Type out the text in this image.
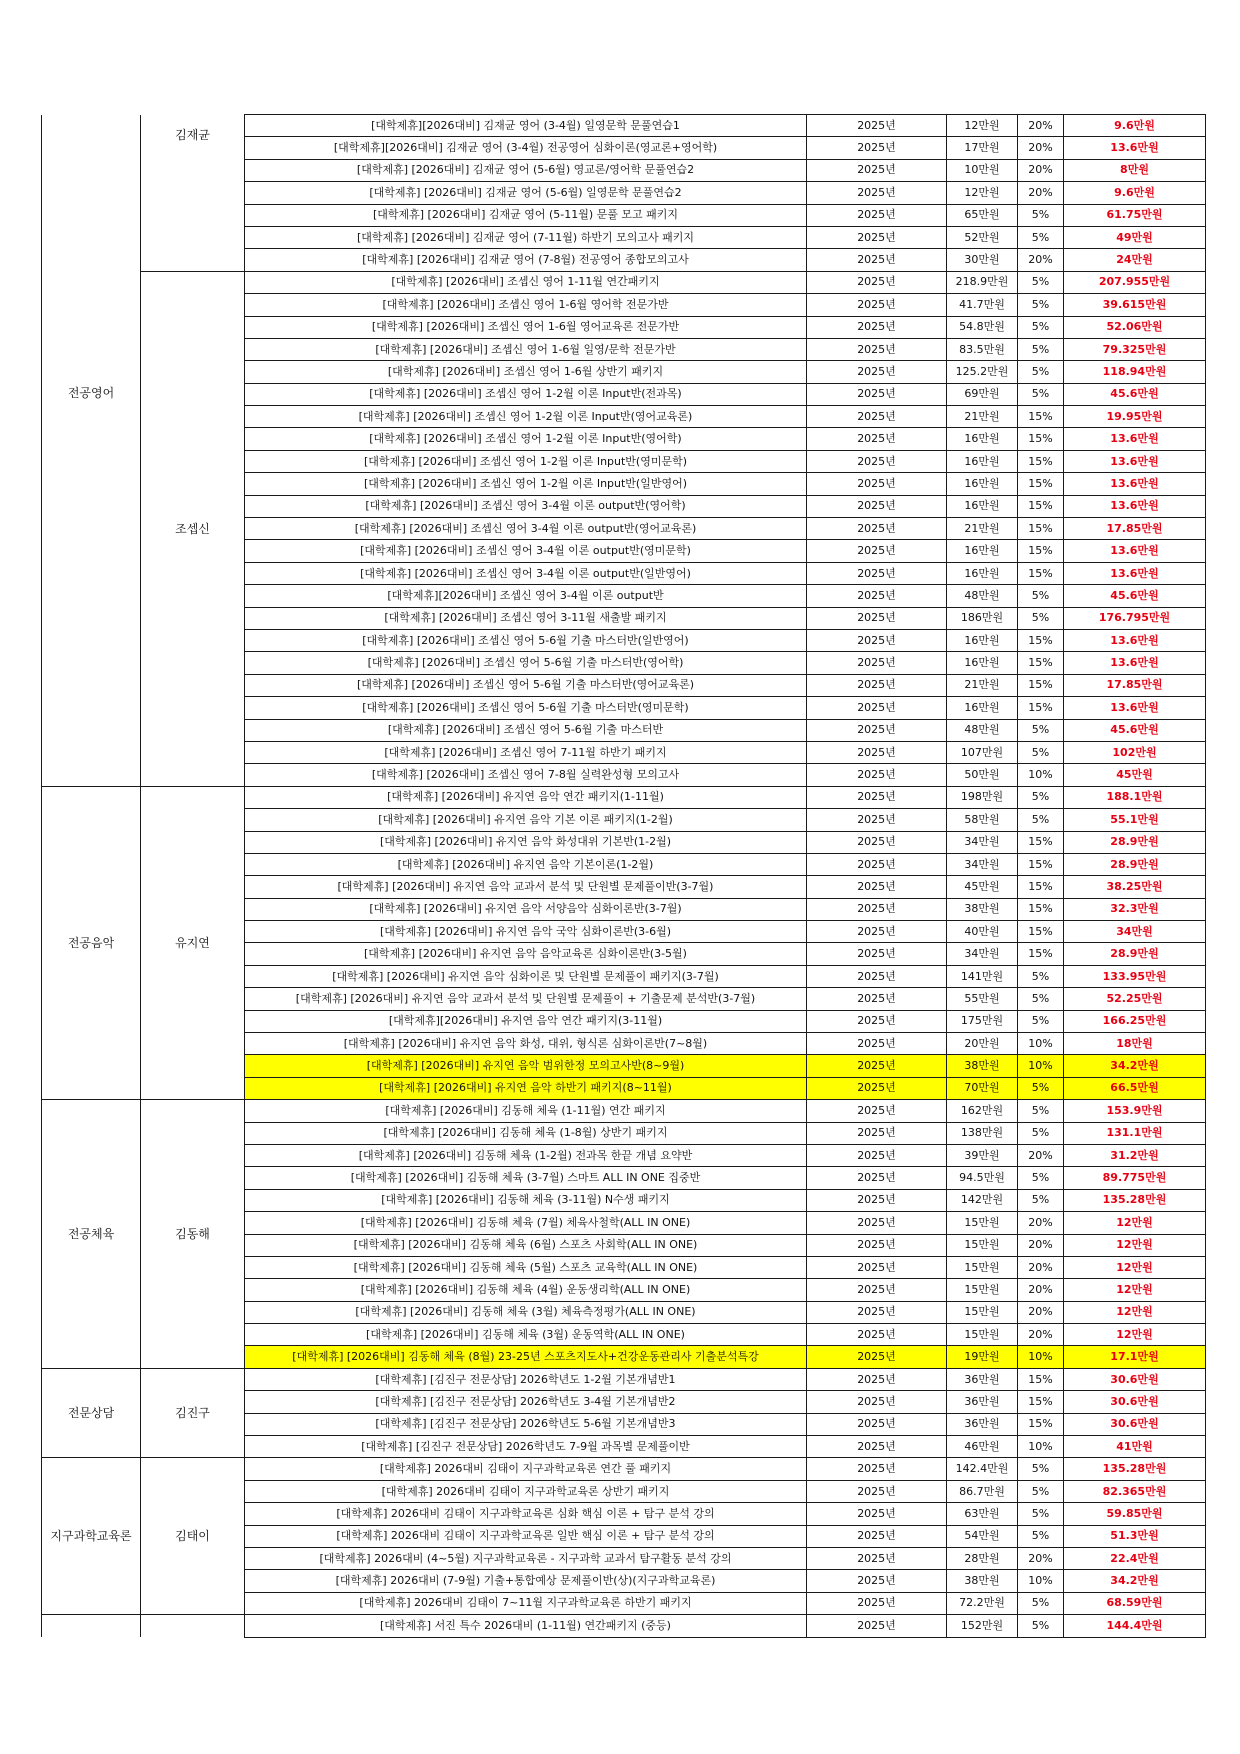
전공영어	김재균	[대학제휴][2026대비] 김재균 영어 (3-4월) 일영문학 문풀연습1	2025년	12만원	20%	9.6만원
		[대학제휴][2026대비] 김재균 영어 (3-4월) 전공영어 심화이론(영교론+영어학)	2025년	17만원	20%	13.6만원
		[대학제휴] [2026대비] 김재균 영어 (5-6월) 영교론/영어학 문풀연습2	2025년	10만원	20%	8만원
		[대학제휴] [2026대비] 김재균 영어 (5-6월) 일영문학 문풀연습2	2025년	12만원	20%	9.6만원
		[대학제휴] [2026대비] 김재균 영어 (5-11월) 문풀 모고 패키지	2025년	65만원	5%	61.75만원
		[대학제휴] [2026대비] 김재균 영어 (7-11월) 하반기 모의고사 패키지	2025년	52만원	5%	49만원
		[대학제휴] [2026대비] 김재균 영어 (7-8월) 전공영어 종합모의고사	2025년	30만원	20%	24만원
	조셉신	[대학제휴] [2026대비] 조셉신 영어 1-11월 연간패키지	2025년	218.9만원	5%	207.955만원
		[대학제휴] [2026대비] 조셉신 영어 1-6월 영어학 전문가반	2025년	41.7만원	5%	39.615만원
		[대학제휴] [2026대비] 조셉신 영어 1-6월 영어교육론 전문가반	2025년	54.8만원	5%	52.06만원
		[대학제휴] [2026대비] 조셉신 영어 1-6월 일영/문학 전문가반	2025년	83.5만원	5%	79.325만원
		[대학제휴] [2026대비] 조셉신 영어 1-6월 상반기 패키지	2025년	125.2만원	5%	118.94만원
		[대학제휴] [2026대비] 조셉신 영어 1-2월 이론 Input반(전과목)	2025년	69만원	5%	45.6만원
		[대학제휴] [2026대비] 조셉신 영어 1-2월 이론 Input반(영어교육론)	2025년	21만원	15%	19.95만원
		[대학제휴] [2026대비] 조셉신 영어 1-2월 이론 Input반(영어학)	2025년	16만원	15%	13.6만원
		[대학제휴] [2026대비] 조셉신 영어 1-2월 이론 Input반(영미문학)	2025년	16만원	15%	13.6만원
		[대학제휴] [2026대비] 조셉신 영어 1-2월 이론 Input반(일반영어)	2025년	16만원	15%	13.6만원
		[대학제휴] [2026대비] 조셉신 영어 3-4월 이론 output반(영어학)	2025년	16만원	15%	13.6만원
		[대학제휴] [2026대비] 조셉신 영어 3-4월 이론 output반(영어교육론)	2025년	21만원	15%	17.85만원
		[대학제휴] [2026대비] 조셉신 영어 3-4월 이론 output반(영미문학)	2025년	16만원	15%	13.6만원
		[대학제휴] [2026대비] 조셉신 영어 3-4월 이론 output반(일반영어)	2025년	16만원	15%	13.6만원
		[대학제휴][2026대비] 조셉신 영어 3-4월 이론 output반	2025년	48만원	5%	45.6만원
		[대학제휴] [2026대비] 조셉신 영어 3-11월 새출발 패키지	2025년	186만원	5%	176.795만원
		[대학제휴] [2026대비] 조셉신 영어 5-6월 기출 마스터반(일반영어)	2025년	16만원	15%	13.6만원
		[대학제휴] [2026대비] 조셉신 영어 5-6월 기출 마스터반(영어학)	2025년	16만원	15%	13.6만원
		[대학제휴] [2026대비] 조셉신 영어 5-6월 기출 마스터반(영어교육론)	2025년	21만원	15%	17.85만원
		[대학제휴] [2026대비] 조셉신 영어 5-6월 기출 마스터반(영미문학)	2025년	16만원	15%	13.6만원
		[대학제휴] [2026대비] 조셉신 영어 5-6월 기출 마스터반	2025년	48만원	5%	45.6만원
		[대학제휴] [2026대비] 조셉신 영어 7-11월 하반기 패키지	2025년	107만원	5%	102만원
		[대학제휴] [2026대비] 조셉신 영어 7-8월 실력완성형 모의고사	2025년	50만원	10%	45만원
전공음악	유지연	[대학제휴] [2026대비] 유지연 음악 연간 패키지(1-11월)	2025년	198만원	5%	188.1만원
		[대학제휴] [2026대비] 유지연 음악 기본 이론 패키지(1-2월)	2025년	58만원	5%	55.1만원
		[대학제휴] [2026대비] 유지연 음악 화성대위 기본반(1-2월)	2025년	34만원	15%	28.9만원
		[대학제휴] [2026대비] 유지연 음악 기본이론(1-2월)	2025년	34만원	15%	28.9만원
		[대학제휴] [2026대비] 유지연 음악 교과서 분석 및 단원별 문제풀이반(3-7월)	2025년	45만원	15%	38.25만원
		[대학제휴] [2026대비] 유지연 음악 서양음악 심화이론반(3-7월)	2025년	38만원	15%	32.3만원
		[대학제휴] [2026대비] 유지연 음악 국악 심화이론반(3-6월)	2025년	40만원	15%	34만원
		[대학제휴] [2026대비] 유지연 음악 음악교육론 심화이론반(3-5월)	2025년	34만원	15%	28.9만원
		[대학제휴] [2026대비] 유지연 음악 심화이론 및 단원별 문제풀이 패키지(3-7월)	2025년	141만원	5%	133.95만원
		[대학제휴] [2026대비] 유지연 음악 교과서 분석 및 단원별 문제풀이 + 기출문제 분석반(3-7월)	2025년	55만원	5%	52.25만원
		[대학제휴][2026대비] 유지연 음악 연간 패키지(3-11월)	2025년	175만원	5%	166.25만원
		[대학제휴] [2026대비] 유지연 음악 화성, 대위, 형식론 심화이론반(7~8월)	2025년	20만원	10%	18만원
		[대학제휴] [2026대비] 유지연 음악 범위한정 모의고사반(8~9월)	2025년	38만원	10%	34.2만원
		[대학제휴] [2026대비] 유지연 음악 하반기 패키지(8~11월)	2025년	70만원	5%	66.5만원
전공체육	김동해	[대학제휴] [2026대비] 김동해 체육 (1-11월) 연간 패키지	2025년	162만원	5%	153.9만원
		[대학제휴] [2026대비] 김동해 체육 (1-8월) 상반기 패키지	2025년	138만원	5%	131.1만원
		[대학제휴] [2026대비] 김동해 체육 (1-2월) 전과목 한끝 개념 요약반	2025년	39만원	20%	31.2만원
		[대학제휴] [2026대비] 김동해 체육 (3-7월) 스마트 ALL IN ONE 집중반	2025년	94.5만원	5%	89.775만원
		[대학제휴] [2026대비] 김동해 체육 (3-11월) N수생 패키지	2025년	142만원	5%	135.28만원
		[대학제휴] [2026대비] 김동해 체육 (7월) 체육사철학(ALL IN ONE)	2025년	15만원	20%	12만원
		[대학제휴] [2026대비] 김동해 체육 (6월) 스포츠 사회학(ALL IN ONE)	2025년	15만원	20%	12만원
		[대학제휴] [2026대비] 김동해 체육 (5월) 스포츠 교육학(ALL IN ONE)	2025년	15만원	20%	12만원
		[대학제휴] [2026대비] 김동해 체육 (4월) 운동생리학(ALL IN ONE)	2025년	15만원	20%	12만원
		[대학제휴] [2026대비] 김동해 체육 (3월) 체육측정평가(ALL IN ONE)	2025년	15만원	20%	12만원
		[대학제휴] [2026대비] 김동해 체육 (3월) 운동역학(ALL IN ONE)	2025년	15만원	20%	12만원
		[대학제휴] [2026대비] 김동해 체육 (8월) 23-25년 스포츠지도사+건강운동관리사 기출분석특강	2025년	19만원	10%	17.1만원
전문상담	김진구	[대학제휴] [김진구 전문상담] 2026학년도 1-2월 기본개념반1	2025년	36만원	15%	30.6만원
		[대학제휴] [김진구 전문상담] 2026학년도 3-4월 기본개념반2	2025년	36만원	15%	30.6만원
		[대학제휴] [김진구 전문상담] 2026학년도 5-6월 기본개념반3	2025년	36만원	15%	30.6만원
		[대학제휴] [김진구 전문상담] 2026학년도 7-9월 과목별 문제풀이반	2025년	46만원	10%	41만원
지구과학교육론	김태이	[대학제휴] 2026대비 김태이 지구과학교육론 연간 풀 패키지	2025년	142.4만원	5%	135.28만원
		[대학제휴] 2026대비 김태이 지구과학교육론 상반기 패키지	2025년	86.7만원	5%	82.365만원
		[대학제휴] 2026대비 김태이 지구과학교육론 심화 핵심 이론 + 탐구 분석 강의	2025년	63만원	5%	59.85만원
		[대학제휴] 2026대비 김태이 지구과학교육론 일반 핵심 이론 + 탐구 분석 강의	2025년	54만원	5%	51.3만원
		[대학제휴] 2026대비 (4~5월) 지구과학교육론 - 지구과학 교과서 탐구활동 분석 강의	2025년	28만원	20%	22.4만원
		[대학제휴] 2026대비 (7-9월) 기출+통합예상 문제풀이반(상)(지구과학교육론)	2025년	38만원	10%	34.2만원
		[대학제휴] 2026대비 김태이 7~11월 지구과학교육론 하반기 패키지	2025년	72.2만원	5%	68.59만원
		[대학제휴] 서진 특수 2026대비 (1-11월) 연간패키지 (중등)	2025년	152만원	5%	144.4만원
